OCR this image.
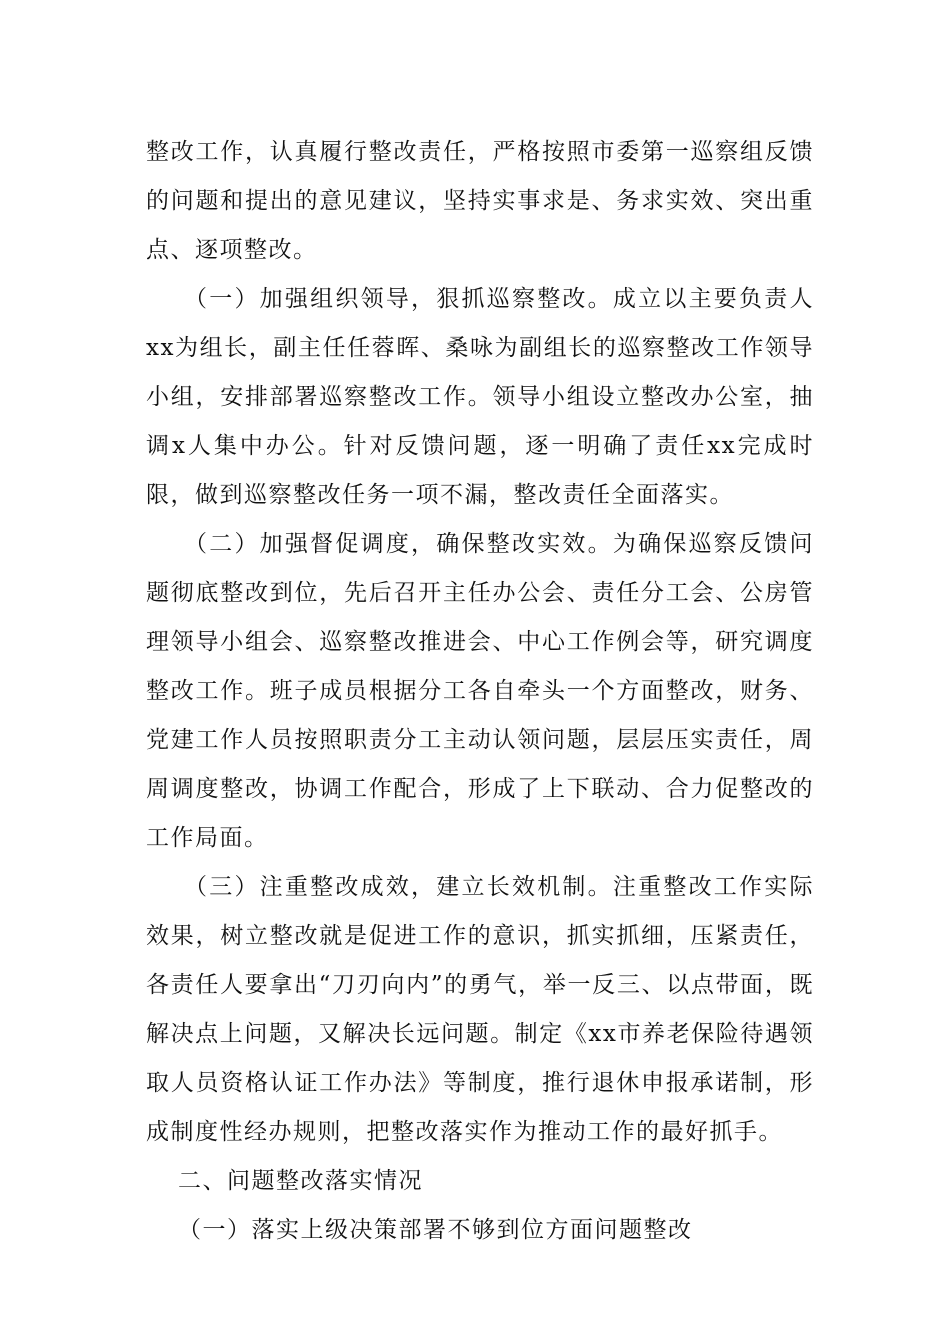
整改工作，认真履行整改责任，严格按照市委第一巡察组反馈的问题和提出的意见建议，坚持实事求是、务求实效、突出重点、逐项整改。

（一）加强组织领导，狠抓巡察整改。成立以主要负责人xx为组长，副主任任蓉晖、桑咏为副组长的巡察整改工作领导小组，安排部署巡察整改工作。领导小组设立整改办公室，抽调x人集中办公。针对反馈问题，逐一明确了责任xx完成时限，做到巡察整改任务一项不漏，整改责任全面落实。

（二）加强督促调度，确保整改实效。为确保巡察反馈问题彻底整改到位，先后召开主任办公会、责任分工会、公房管理领导小组会、巡察整改推进会、中心工作例会等，研究调度整改工作。班子成员根据分工各自牵头一个方面整改，财务、党建工作人员按照职责分工主动认领问题，层层压实责任，周周调度整改，协调工作配合，形成了上下联动、合力促整改的工作局面。

（三）注重整改成效，建立长效机制。注重整改工作实际效果，树立整改就是促进工作的意识，抓实抓细，压紧责任，各责任人要拿出“刀刃向内”的勇气，举一反三、以点带面，既解决点上问题，又解决长远问题。制定《xx市养老保险待遇领取人员资格认证工作办法》等制度，推行退休申报承诺制，形成制度性经办规则，把整改落实作为推动工作的最好抓手。

二、问题整改落实情况

（一）落实上级决策部署不够到位方面问题整改
